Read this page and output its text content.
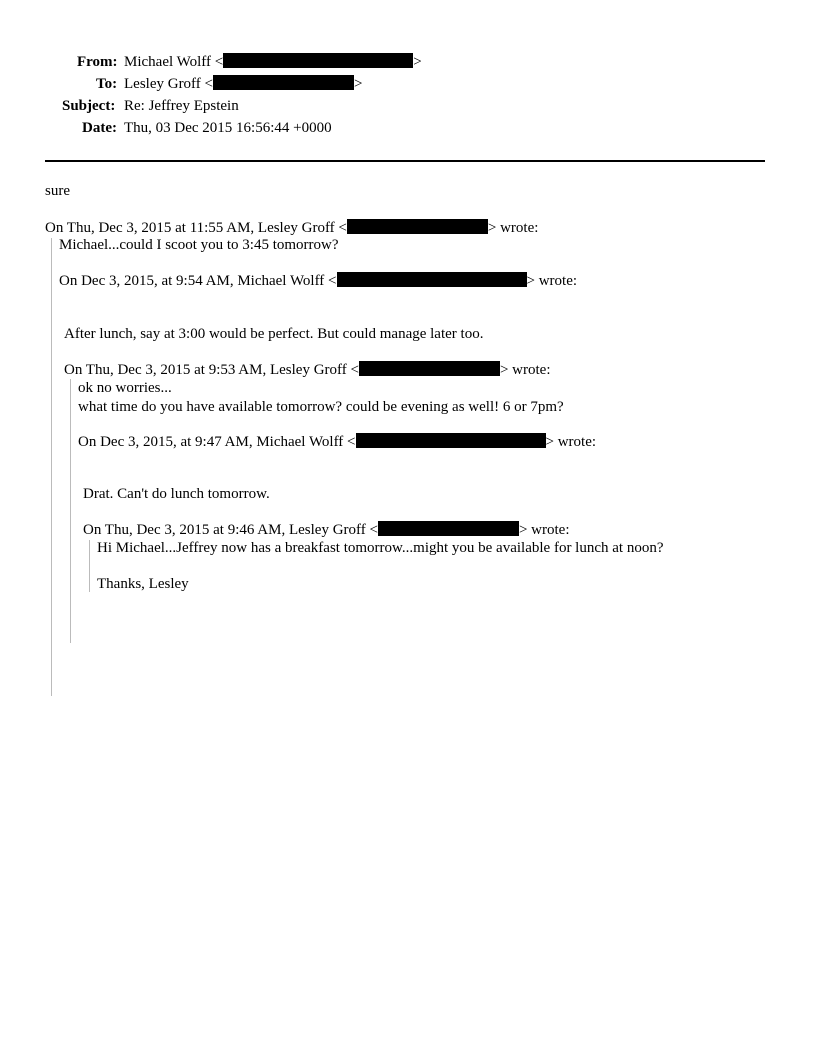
From: Michael Wolff <	>
To: Lesley Groff <	>
Subject: Re: Jeffrey Epstein
Date: Thu, 03 Dec 2015 16:56:44 +0000
sure
On Thu, Dec 3, 2015 at 11:55 AM, Lesley Groff <	> wrote:
Michael...could I scoot you to 3:45 tomorrow?
On Dec 3, 2015, at 9:54 AM, Michael Wolff <	> wrote:
After lunch, say at 3:00 would be perfect. But could manage later too.
On Thu, Dec 3, 2015 at 9:53 AM, Lesley Groff <	> wrote:
ok no worries...
what time do you have available tomorrow? could be evening as well! 6 or 7pm?
On Dec 3, 2015, at 9:47 AM, Michael Wolff <	> wrote:
Drat. Can't do lunch tomorrow.
On Thu, Dec 3, 2015 at 9:46 AM, Lesley Groff <	> wrote:
Hi Michael...Jeffrey now has a breakfast tomorrow...might you be available for lunch at noon?
Thanks, Lesley
